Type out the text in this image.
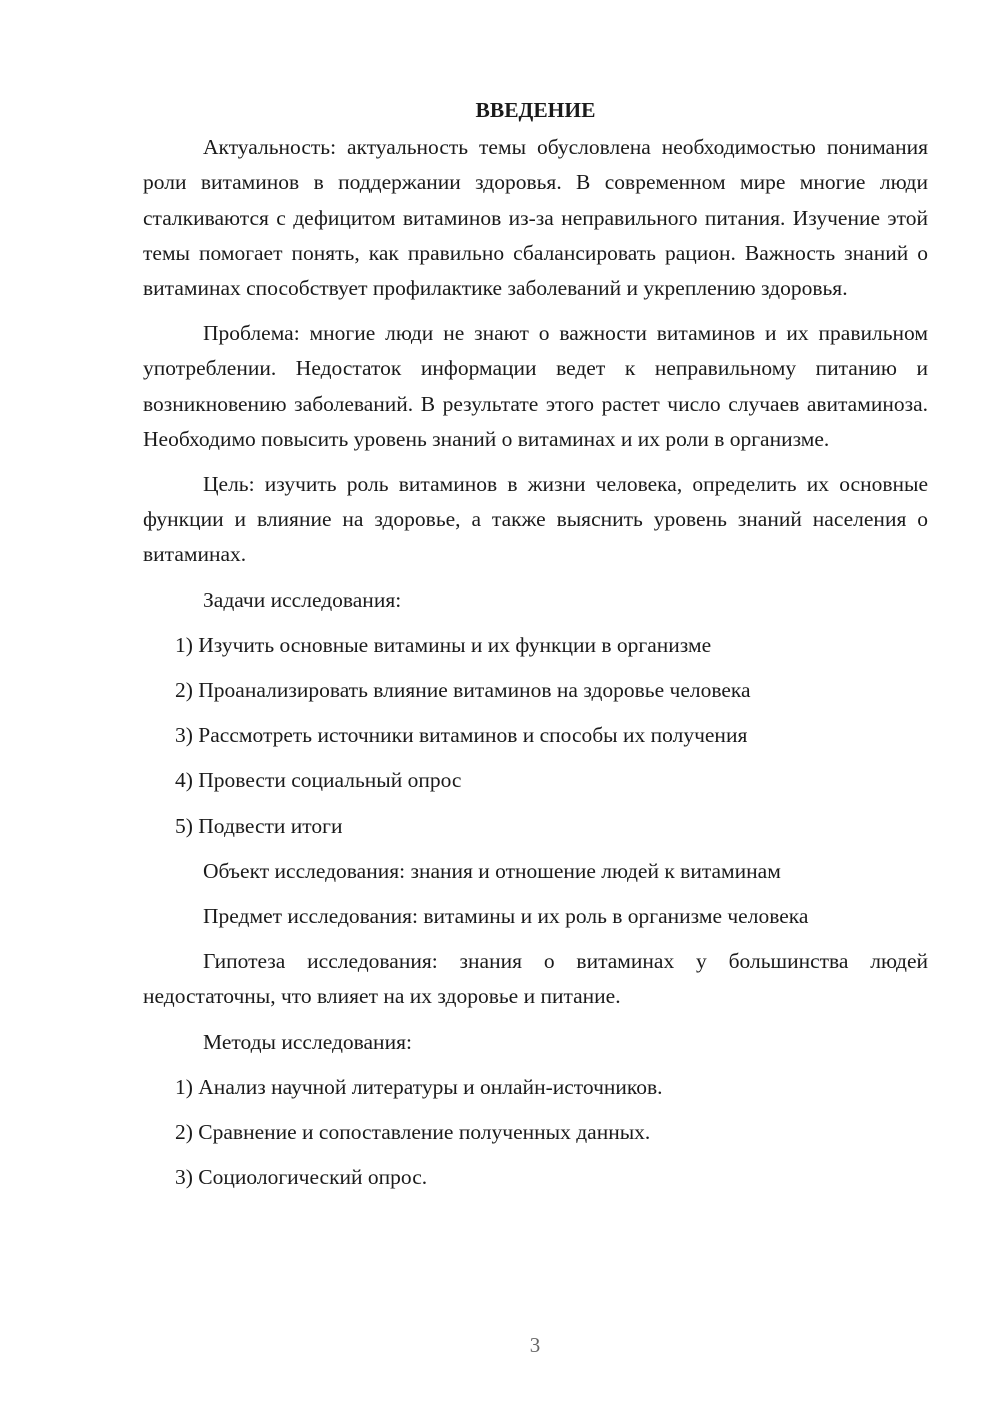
ВВЕДЕНИЕ

Актуальность: актуальность темы обусловлена необходимостью понимания роли витаминов в поддержании здоровья. В современном мире многие люди сталкиваются с дефицитом витаминов из-за неправильного питания. Изучение этой темы помогает понять, как правильно сбалансировать рацион. Важность знаний о витаминах способствует профилактике заболеваний и укреплению здоровья.

Проблема: многие люди не знают о важности витаминов и их правильном употреблении. Недостаток информации ведет к неправильному питанию и возникновению заболеваний. В результате этого растет число случаев авитаминоза. Необходимо повысить уровень знаний о витаминах и их роли в организме.

Цель: изучить роль витаминов в жизни человека, определить их основные функции и влияние на здоровье, а также выяснить уровень знаний населения о витаминах.

Задачи исследования:
1) Изучить основные витамины и их функции в организме
2) Проанализировать влияние витаминов на здоровье человека
3) Рассмотреть источники витаминов и способы их получения
4) Провести социальный опрос
5) Подвести итоги
Объект исследования: знания и отношение людей к витаминам
Предмет исследования: витамины и их роль в организме человека

Гипотеза исследования: знания о витаминах у большинства людей недостаточны, что влияет на их здоровье и питание.

Методы исследования:
1) Анализ научной литературы и онлайн-источников.
2) Сравнение и сопоставление полученных данных.
3) Социологический опрос.
3
